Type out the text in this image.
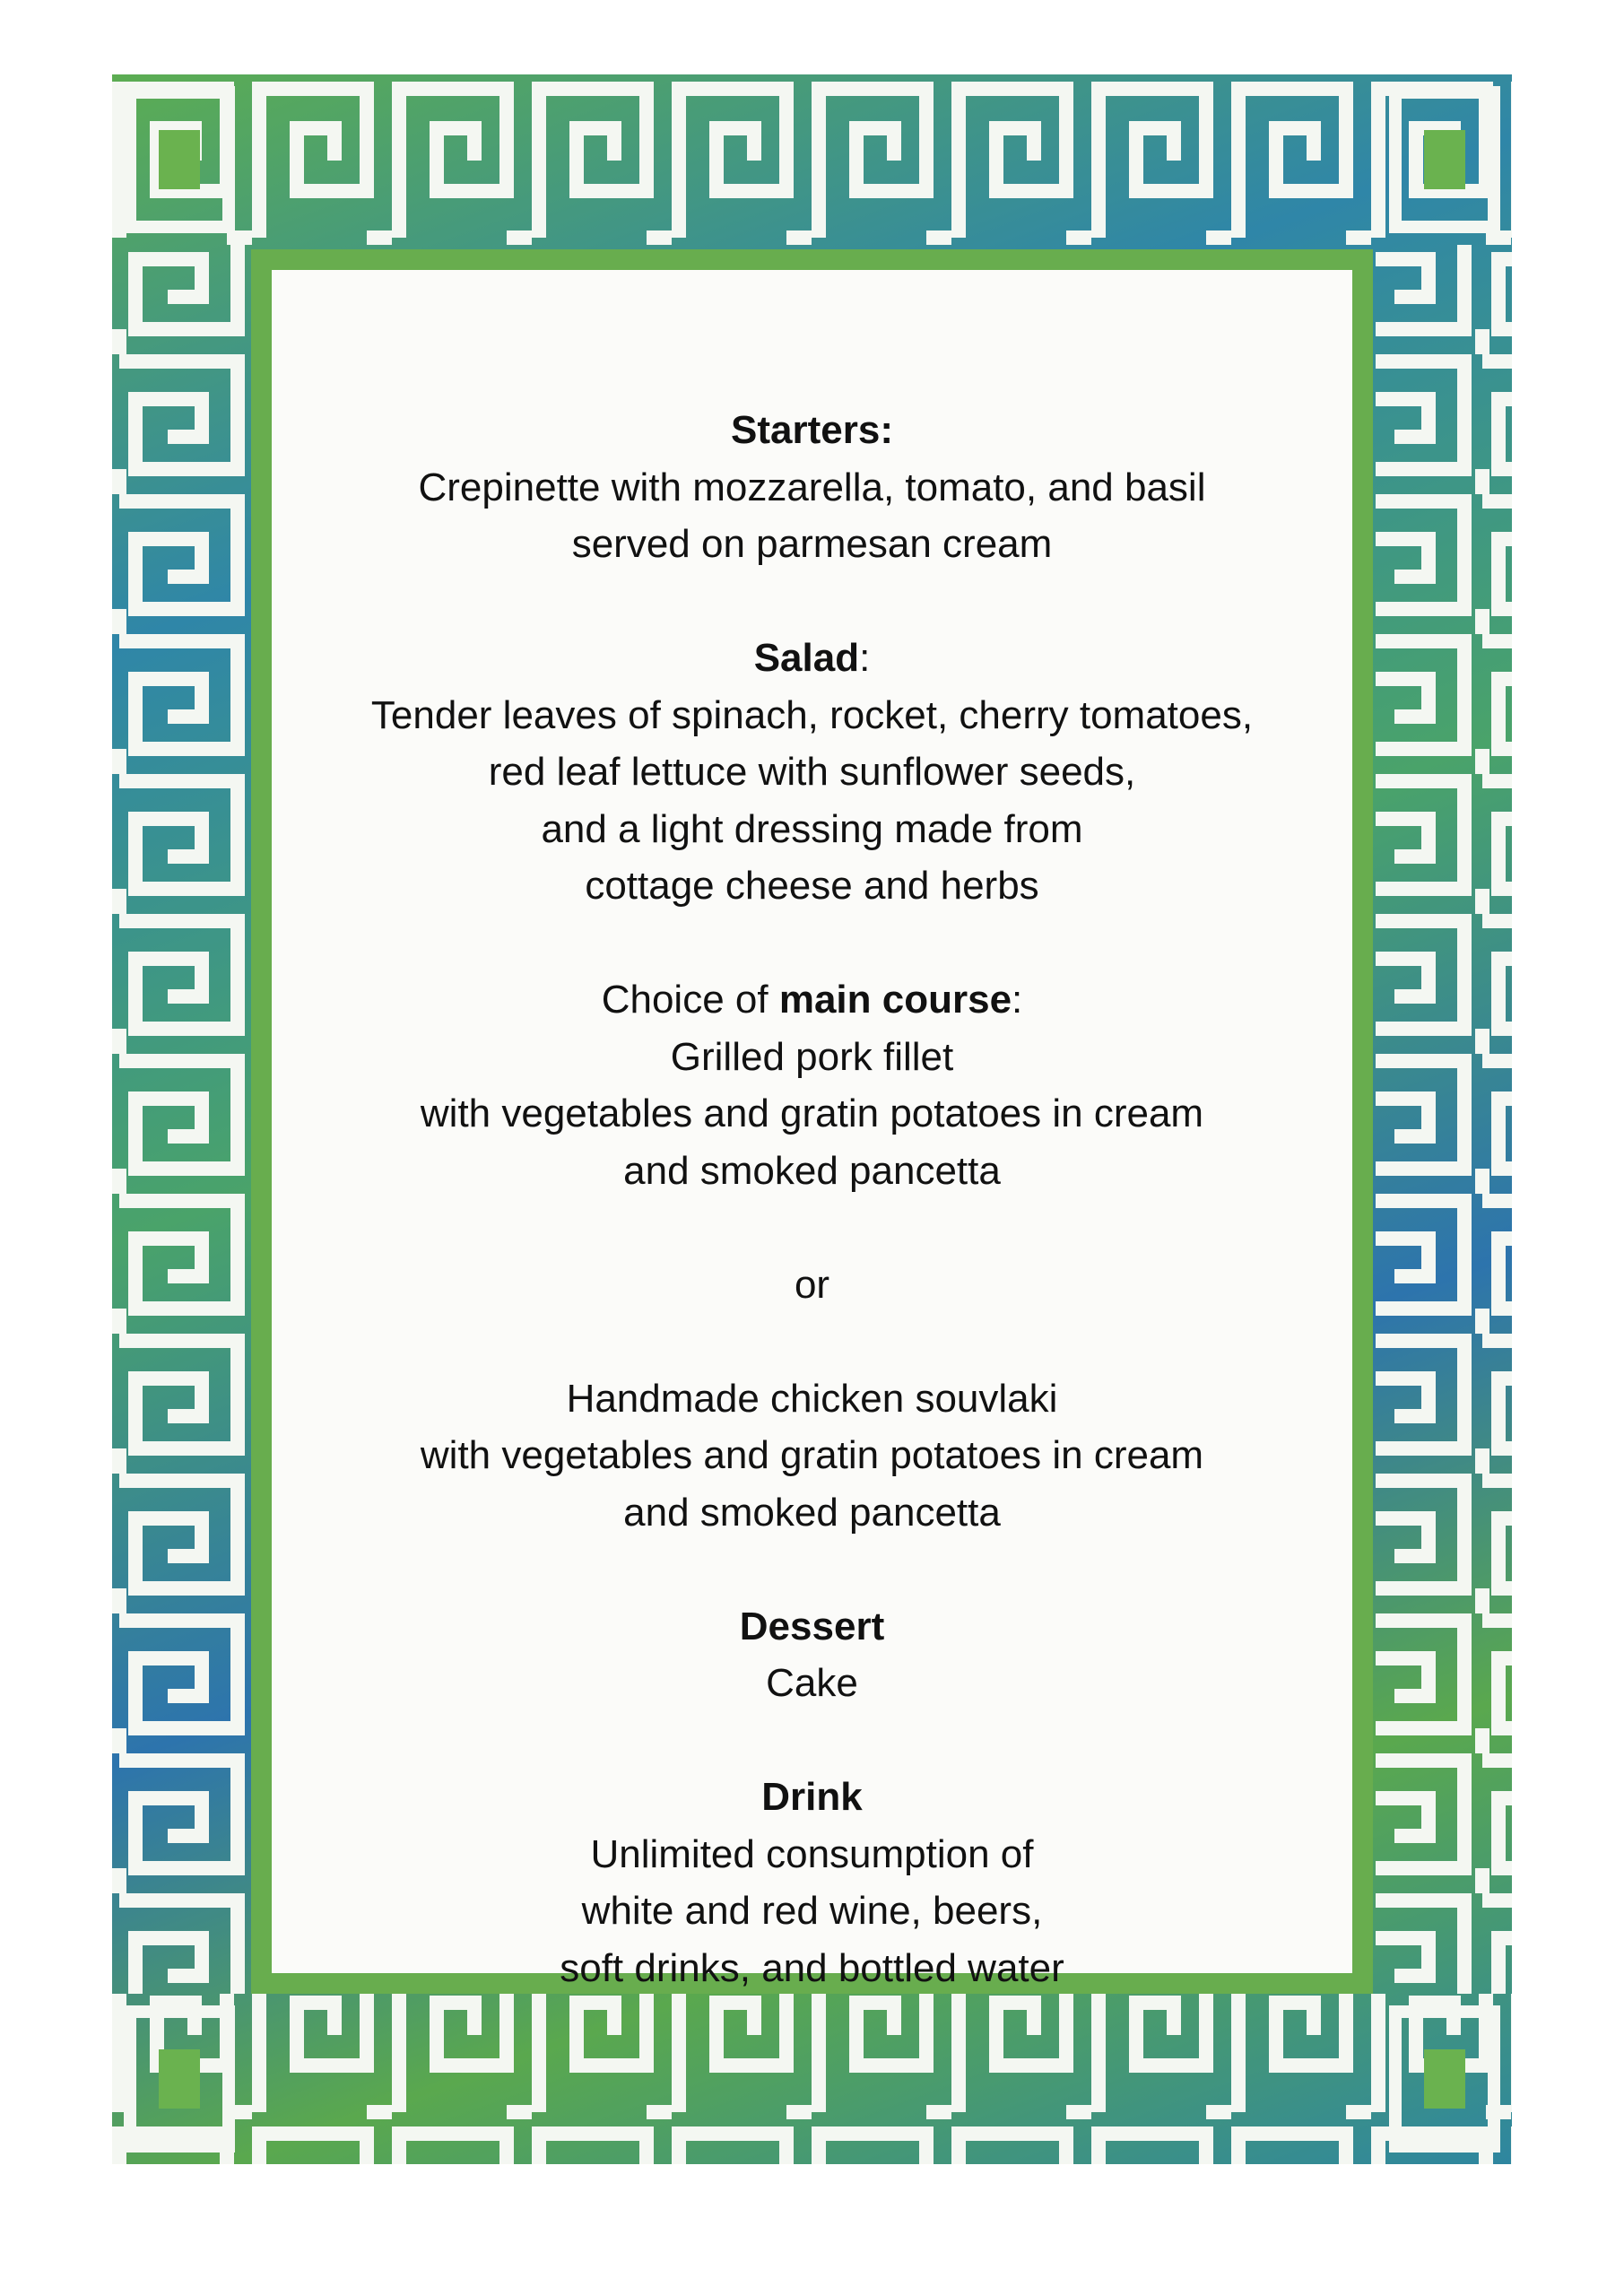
Starters:
Crepinette with mozzarella, tomato, and basil
served on parmesan cream
Salad:
Tender leaves of spinach, rocket, cherry tomatoes,
red leaf lettuce with sunflower seeds,
and a light dressing made from
cottage cheese and herbs
Choice of main course:
Grilled pork fillet
with vegetables and gratin potatoes in cream
and smoked pancetta
or
Handmade chicken souvlaki
with vegetables and gratin potatoes in cream
and smoked pancetta
Dessert
Cake
Drink
Unlimited consumption of
white and red wine, beers,
soft drinks, and bottled water
